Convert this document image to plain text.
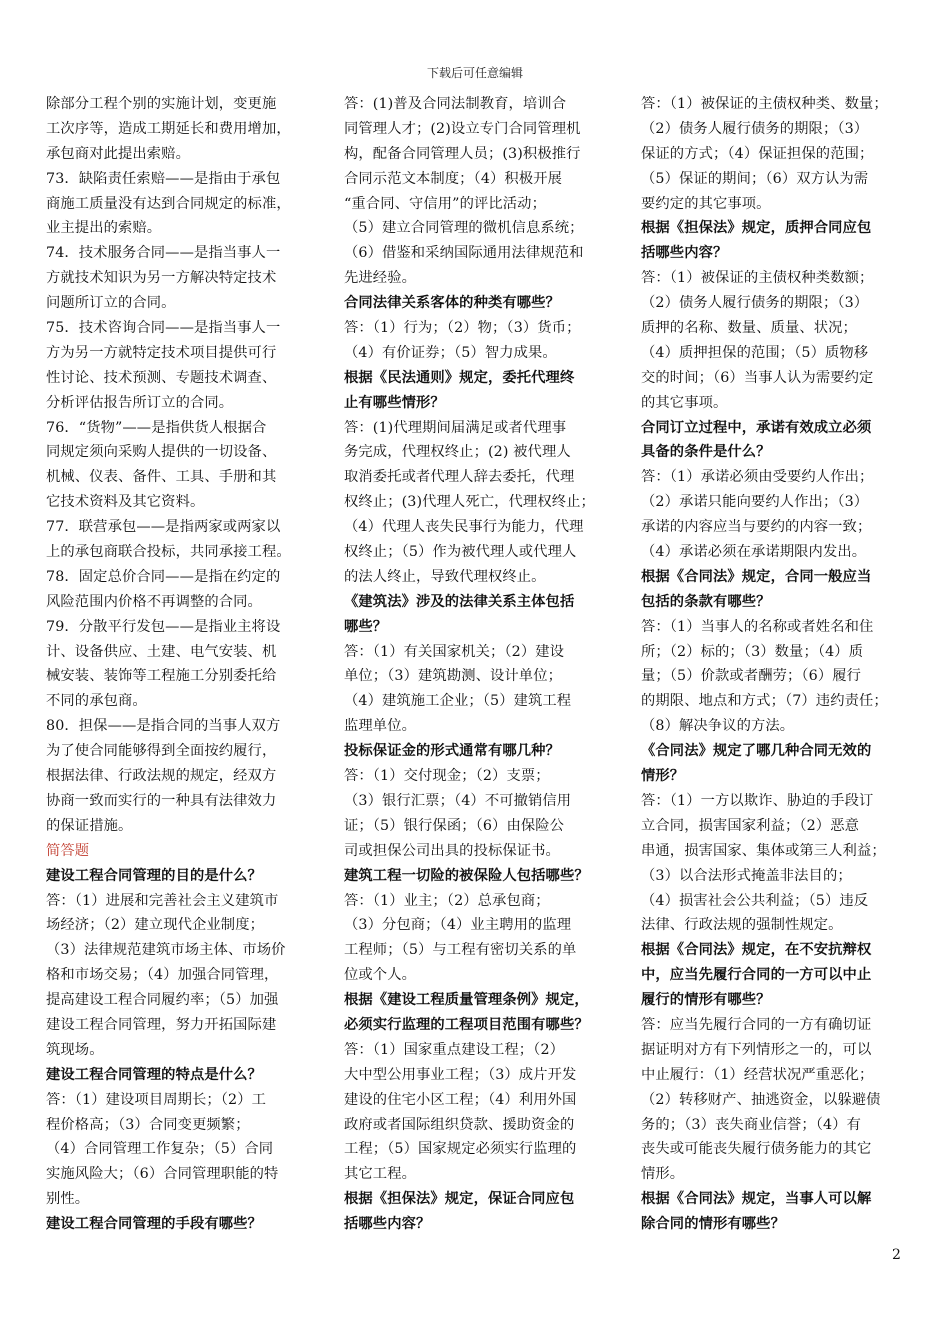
下载后可任意编辑
除部分工程个别的实施计划，变更施
工次序等，造成工期延长和费用增加，
承包商对此提出索赔。
73．缺陷责任索赔——是指由于承包
商施工质量没有达到合同规定的标准，
业主提出的索赔。
74．技术服务合同——是指当事人一
方就技术知识为另一方解决特定技术
问题所订立的合同。
75．技术咨询合同——是指当事人一
方为另一方就特定技术项目提供可行
性讨论、技术预测、专题技术调查、
分析评估报告所订立的合同。
76．“货物”——是指供货人根据合
同规定须向采购人提供的一切设备、
机械、仪表、备件、工具、手册和其
它技术资料及其它资料。
77．联营承包——是指两家或两家以
上的承包商联合投标，共同承接工程。
78．固定总价合同——是指在约定的
风险范围内价格不再调整的合同。
79．分散平行发包——是指业主将设
计、设备供应、土建、电气安装、机
械安装、装饰等工程施工分别委托给
不同的承包商。
80．担保——是指合同的当事人双方
为了使合同能够得到全面按约履行，
根据法律、行政法规的规定，经双方
协商一致而实行的一种具有法律效力
的保证措施。
简答题
建设工程合同管理的目的是什么？
答：（1）进展和完善社会主义建筑市
场经济；（2）建立现代企业制度；
（3）法律规范建筑市场主体、市场价
格和市场交易；（4）加强合同管理，
提高建设工程合同履约率；（5）加强
建设工程合同管理，努力开拓国际建
筑现场。
建设工程合同管理的特点是什么？
答：（1）建设项目周期长；（2）工
程价格高；（3）合同变更频繁；
（4）合同管理工作复杂；（5）合同
实施风险大；（6）合同管理职能的特
别性。
建设工程合同管理的手段有哪些？
答：(1)普及合同法制教育，培训合
同管理人才；(2)设立专门合同管理机
构，配备合同管理人员；(3)积极推行
合同示范文本制度；（4）积极开展
“重合同、守信用”的评比活动；
（5）建立合同管理的微机信息系统；
（6）借鉴和采纳国际通用法律规范和
先进经验。
合同法律关系客体的种类有哪些？
答：（1）行为；（2）物；（3）货币；
（4）有价证券；（5）智力成果。
根据《民法通则》规定，委托代理终
止有哪些情形？
答：(1)代理期间届满足或者代理事
务完成，代理权终止；(2) 被代理人
取消委托或者代理人辞去委托，代理
权终止；(3)代理人死亡，代理权终止；
（4）代理人丧失民事行为能力，代理
权终止；（5）作为被代理人或代理人
的法人终止，导致代理权终止。
《建筑法》涉及的法律关系主体包括
哪些？
答：（1）有关国家机关；（2）建设
单位；（3）建筑勘测、设计单位；
（4）建筑施工企业；（5）建筑工程
监理单位。
投标保证金的形式通常有哪几种？
答：（1）交付现金；（2）支票；
（3）银行汇票；（4）不可撤销信用
证；（5）银行保函；（6）由保险公
司或担保公司出具的投标保证书。
建筑工程一切险的被保险人包括哪些？
答：（1）业主；（2）总承包商；
（3）分包商；（4）业主聘用的监理
工程师；（5）与工程有密切关系的单
位或个人。
根据《建设工程质量管理条例》规定，
必须实行监理的工程项目范围有哪些？
答：（1）国家重点建设工程；（2）
大中型公用事业工程；（3）成片开发
建设的住宅小区工程；（4）利用外国
政府或者国际组织贷款、援助资金的
工程；（5）国家规定必须实行监理的
其它工程。
根据《担保法》规定，保证合同应包
括哪些内容？
答：（1）被保证的主债权种类、数量；
（2）债务人履行债务的期限；（3）
保证的方式；（4）保证担保的范围；
（5）保证的期间；（6）双方认为需
要约定的其它事项。
根据《担保法》规定，质押合同应包
括哪些内容？
答：（1）被保证的主债权种类数额；
（2）债务人履行债务的期限；（3）
质押的名称、数量、质量、状况；
（4）质押担保的范围；（5）质物移
交的时间；（6）当事人认为需要约定
的其它事项。
合同订立过程中，承诺有效成立必须
具备的条件是什么？
答：（1）承诺必须由受要约人作出；
（2）承诺只能向要约人作出；（3）
承诺的内容应当与要约的内容一致；
（4）承诺必须在承诺期限内发出。
根据《合同法》规定，合同一般应当
包括的条款有哪些？
答：（1）当事人的名称或者姓名和住
所；（2）标的；（3）数量；（4）质
量；（5）价款或者酬劳；（6）履行
的期限、地点和方式；（7）违约责任；
（8）解决争议的方法。
《合同法》规定了哪几种合同无效的
情形？
答：（1）一方以欺诈、胁迫的手段订
立合同，损害国家利益；（2）恶意
串通，损害国家、集体或第三人利益；
（3）以合法形式掩盖非法目的；
（4）损害社会公共利益；（5）违反
法律、行政法规的强制性规定。
根据《合同法》规定，在不安抗辩权
中，应当先履行合同的一方可以中止
履行的情形有哪些？
答：应当先履行合同的一方有确切证
据证明对方有下列情形之一的，可以
中止履行：（1）经营状况严重恶化；
（2）转移财产、抽逃资金，以躲避债
务的；（3）丧失商业信誉；（4）有
丧失或可能丧失履行债务能力的其它
情形。
根据《合同法》规定，当事人可以解
除合同的情形有哪些？
2
